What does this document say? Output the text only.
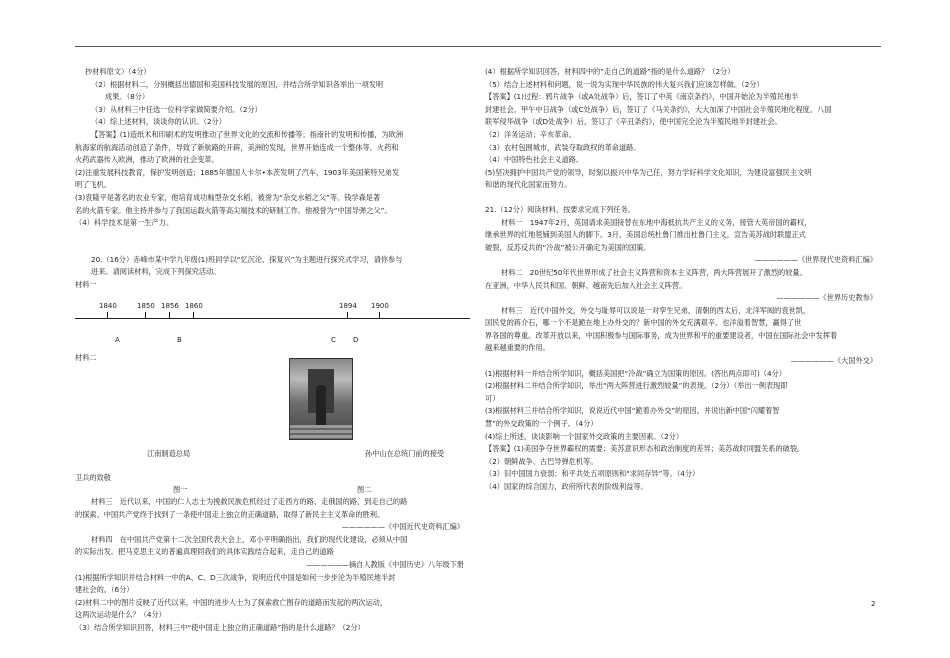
抄材料原文）（4分）

（2）根据材料二，分别概括出德国和美国科技发展的原因，并结合所学知识各举出一项发明

成果。（8分）

（3）从材料三中任选一位科学家做简要介绍。（2分）

（4）综上述材料，谈谈你的认识。（2分）

【答案】(1)造纸术和印刷术的发明推动了世界文化的交流和传播等；指南针的发明和传播，为欧洲

航海家的航海活动创造了条件，导致了新航路的开辟，美洲的发现，世界开始连成一个整体等。火药和

火药武器传入欧洲，推动了欧洲的社会变革。

(2)注重发展科技教育，保护发明创造；1885年德国人卡尔•本茨发明了汽车，1903年美国莱特兄弟发

明了飞机。

(3)袁隆平是著名的农业专家，他培育成功籼型杂交水稻，被誉为“杂交水稻之父”等。钱学森是著

名的火箭专家。他主持并参与了我国运载火箭等高尖端技术的研制工作。他被誉为“中国导弹之父”。

（4）科学技术是第一生产力。

20.（16分）赤峰市某中学九年级(1)班同学以“忆沉沦、探复兴”为主题进行探究式学习，请你参与

进来。请阅读材料，完成下列探究活动。

材料一

1840	1850 1856 1860	1894 1900
A	B	C D
材料二
江南制造总局	孙中山在总统门前的接受

卫兵的致敬

图一	图二

材料三　近代以来，中国的仁人志士为挽救民族危机经过了走西方的路、走俄国的路，到走自己的路

的探索。中国共产党终于找到了一条使中国走上独立的正确道路，取得了新民主主义革命的胜利。

——————《中国近代史资料汇编》

材料四　在中国共产党第十二次全国代表大会上，邓小平明确指出，我们的现代化建设，必须从中国

的实际出发。把马克思主义的普遍真理同我们的具体实践结合起来，走自己的道路

——————摘自人教版《中国历史》八年级下册

(1)根据所学知识并结合材料一中的A、C、D三次战争，说明近代中国是如何一步步沦为半殖民地半封

建社会的。（6分）

(2)材料二中的图片反映了近代以来，中国的进步人士为了探索救亡图存的道路而发起的两次运动，

这两次运动是什么？（4分）

（3）结合所学知识回答，材料三中“使中国走上独立的正确道路”指的是什么道路？（2分）

(4）根据所学知识回答，材料四中的”走自己的道路”指的是什么道路？（2分）

（5）结合上述材料和问题，说一说为实现中华民族的伟大复兴我们应该怎样做。（2分）

【答案】(1)过程：鸦片战争（或A处战争）后，签订了中英《南京条约》，中国开始沦为半殖民地半

封建社会。甲午中日战争（或C处战争）后，签订了《马关条约》，大大加深了中国社会半殖民地化程度。八国

联军侵华战争（或D处战争）后，签订了《辛丑条约》，使中国完全沦为半殖民地半封建社会。

（2）洋务运动；辛亥革命。

（3）农村包围城市，武装夺取政权的革命道路。

（4）中国特色社会主义道路。

(5)坚决拥护中国共产党的领导，时刻以振兴中华为己任，努力学好科学文化知识，为建设富强民主文明

和谐的现代化国家而努力。

21.（12分）阅读材料，按要求完成下列任务。

材料一　1947年2月，英国请求美国接替在东地中海抵抗共产主义的义务，接管大英帝国的霸权，

继承世界的红地毯铺到美国人的脚下。3月，美国总统杜鲁门推出杜鲁门主义，宣告美苏战时联盟正式

破裂，反苏反共的“冷战”被公开确定为美国的国策。

——————《世界现代史资料汇编》

材料二　20世纪50年代世界形成了社会主义阵营和资本主义阵营，两大阵营展开了激烈的较量。

在亚洲，中华人民共和国、朝鲜、越南先后加入社会主义阵营。

——————《世界历史教参》

材料三　近代中国外交，外交与耻辱可以说是一对孪生兄弟，清朝的西太后，北洋军阀的袁世凯，

国民党的蒋介石，哪一个不是跪在地上办外交的？新中国的外交充满艰辛，也洋溢着智慧，赢得了世

界各国的尊重。改革开放以来，中国积极参与国际事务，成为世界和平的重要建设者，中国在国际社会中发挥着

越来越重要的作用。

——————《大国外交》

(1)根据材料一并结合所学知识，概括美国把“冷战”确立为国策的原因。(答出两点即可)（4分）

(2)根据材料二并结合所学知识，举出“两大阵营进行激烈较量”的表现。（2分）（举出一例表现即

可）

(3)根据材料三并结合所学知识，说说近代中国“跪着办外交”的原因，并说出新中国“闪耀着智

慧”的外交政策的一个例子。（4分）

(4)综上所述，谈谈影响一个国家外交政策的主要因素。（2分）

【答案】(1)美国争夺世界霸权的需要；美苏意识形态和政治制度的差异；美苏战时同盟关系的破裂。

（2）朝鲜战争、古巴导弹危机等。

（3）旧中国国力衰弱；和平共处五项原则和“求同存异”等。（4分）

（4）国家的综合国力，政府所代表的阶级利益等。

2
